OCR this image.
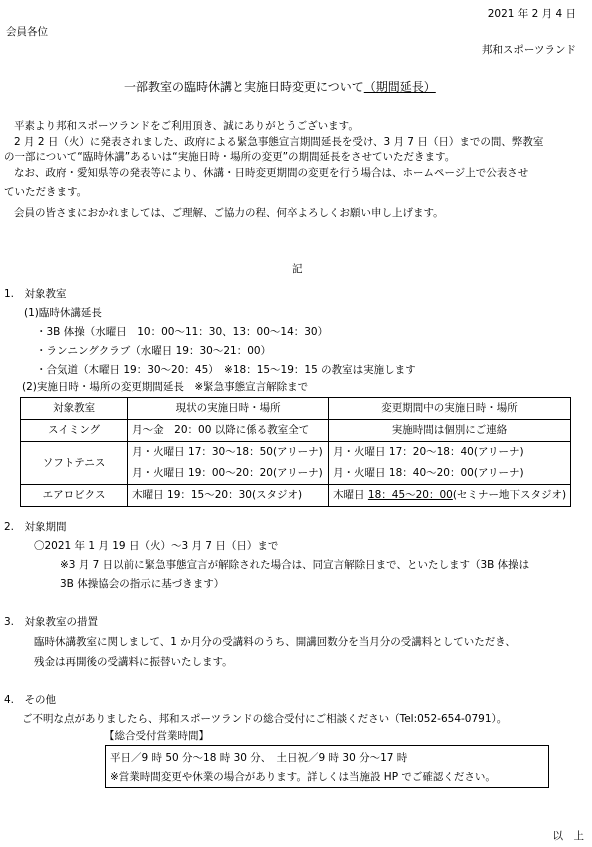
2021 年 2 月 4 日
会員各位
邦和スポーツランド
一部教室の臨時休講と実施日時変更について（期間延長）
平素より邦和スポーツランドをご利用頂き、誠にありがとうございます。
2 月 2 日（火）に発表されました、政府による緊急事態宣言期間延長を受け、3 月 7 日（日）までの間、弊教室
の一部について“臨時休講”あるいは“実施日時・場所の変更”の期間延長をさせていただきます。
なお、政府・愛知県等の発表等により、休講・日時変更期間の変更を行う場合は、ホームページ上で公表させ
ていただきます。
会員の皆さまにおかれましては、ご理解、ご協力の程、何卒よろしくお願い申し上げます。
記
1.　対象教室
(1)臨時休講延長
・3B 体操（水曜日　10：00～11：30、13：00～14：30）
・ランニングクラブ（水曜日 19：30～21：00）
・合気道（木曜日 19：30～20：45）　※18：15～19：15 の教室は実施します
(2)実施日時・場所の変更期間延長　※緊急事態宣言解除まで
対象教室	現状の実施日時・場所	変更期間中の実施日時・場所
スイミング	月～金　20：00 以降に係る教室全て	実施時間は個別にご連絡
ソフトテニス	月・火曜日 17：30～18：50(アリーナ)	月・火曜日 17：20～18：40(アリーナ)
	月・火曜日 19：00～20：20(アリーナ)	月・火曜日 18：40～20：00(アリーナ)
エアロビクス	木曜日 19：15～20：30(スタジオ)	木曜日 18：45～20：00(セミナー地下スタジオ)
2.　対象期間
〇2021 年 1 月 19 日（火）～3 月 7 日（日）まで
※3 月 7 日以前に緊急事態宣言が解除された場合は、同宣言解除日まで、といたします（3B 体操は
3B 体操協会の指示に基づきます）
3.　対象教室の措置
臨時休講教室に関しまして、1 か月分の受講料のうち、開講回数分を当月分の受講料としていただき、
残金は再開後の受講料に振替いたします。
4.　その他
ご不明な点がありましたら、邦和スポーツランドの総合受付にご相談ください（Tel:052-654-0791）。
【総合受付営業時間】
平日／9 時 50 分～18 時 30 分、　土日祝／9 時 30 分～17 時
※営業時間変更や休業の場合があります。詳しくは当施設 HP でご確認ください。
以　上
